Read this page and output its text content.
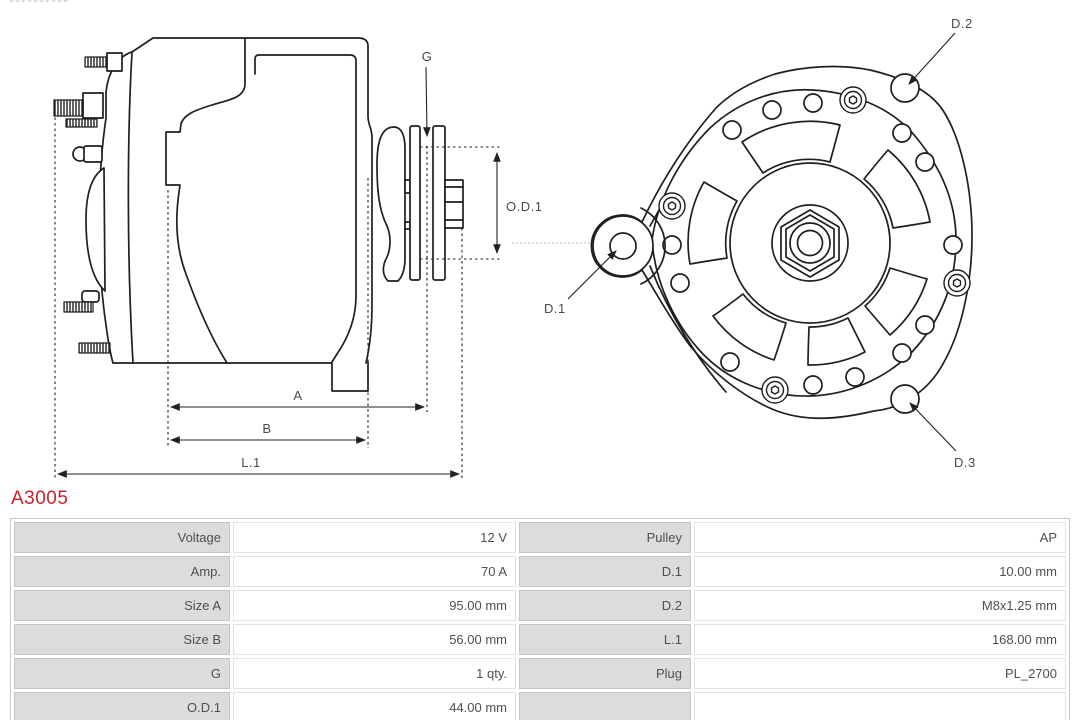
G
O.D.1
A
B
L.1
D.2
D.3
D.1
A3005
Voltage	12 V	Pulley	AP
Amp.	70 A	D.1	10.00 mm
Size A	95.00 mm	D.2	M8x1.25 mm
Size B	56.00 mm	L.1	168.00 mm
G	1 qty.	Plug	PL_2700
O.D.1	44.00 mm
